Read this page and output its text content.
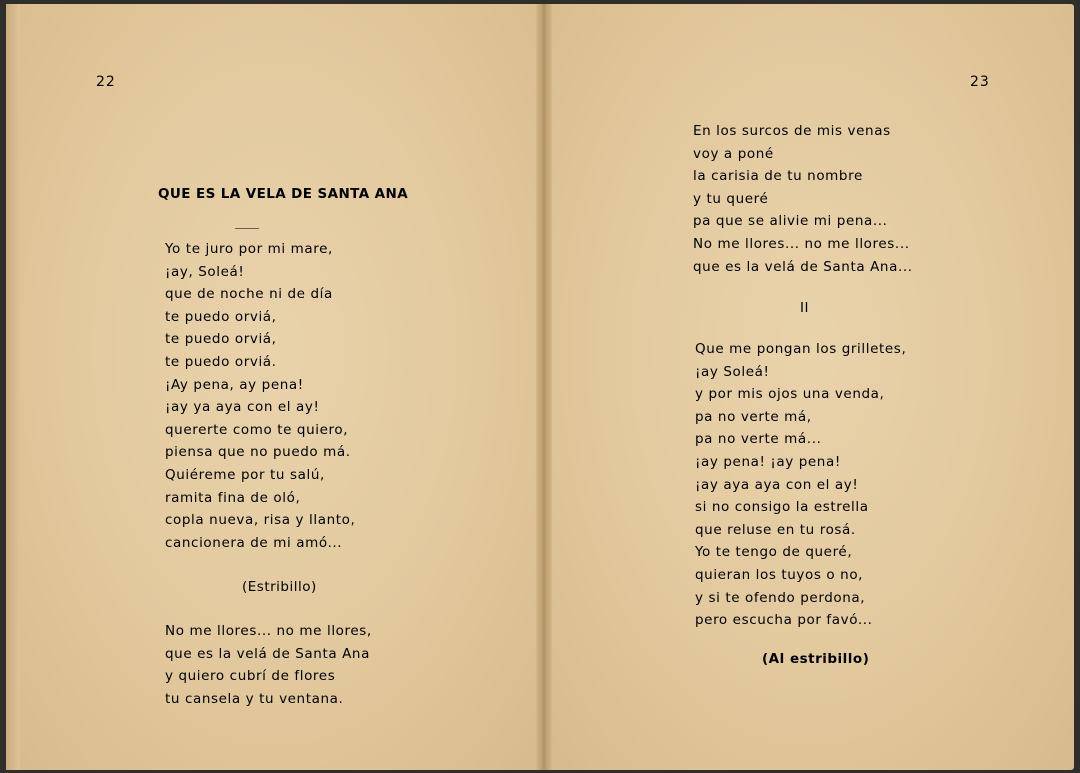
22
QUE ES LA VELA DE SANTA ANA
Yo te juro por mi mare,
¡ay, Soleá!
que de noche ni de día
te puedo orviá,
te puedo orviá,
te puedo orviá.
¡Ay pena, ay pena!
¡ay ya aya con el ay!
quererte como te quiero,
piensa que no puedo má.
Quiéreme por tu salú,
ramita fina de oló,
copla nueva, risa y llanto,
cancionera de mi amó...
(Estribillo)
No me llores... no me llores,
que es la velá de Santa Ana
y quiero cubrí de flores
tu cansela y tu ventana.
23
En los surcos de mis venas
voy a poné
la carisia de tu nombre
y tu queré
pa que se alivie mi pena...
No me llores... no me llores...
que es la velá de Santa Ana...
II
Que me pongan los grilletes,
¡ay Soleá!
y por mis ojos una venda,
pa no verte má,
pa no verte má...
¡ay pena! ¡ay pena!
¡ay aya aya con el ay!
si no consigo la estrella
que reluse en tu rosá.
Yo te tengo de queré,
quieran los tuyos o no,
y si te ofendo perdona,
pero escucha por favó...
(Al estribillo)
